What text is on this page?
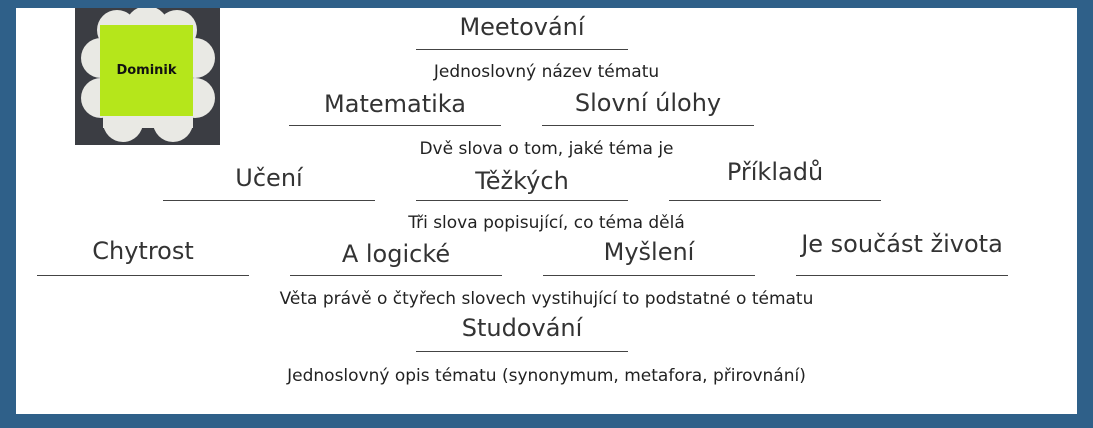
Dominik
Meetování
Jednoslovný název tématu
Matematika	Slovní úlohy
Dvě slova o tom, jaké téma je
Učení	Těžkých	Příkladů
Tři slova popisující, co téma dělá
Chytrost	A logické	Myšlení	Je součást života
Věta právě o čtyřech slovech vystihující to podstatné o tématu
Studování
Jednoslovný opis tématu (synonymum, metafora, přirovnání)
